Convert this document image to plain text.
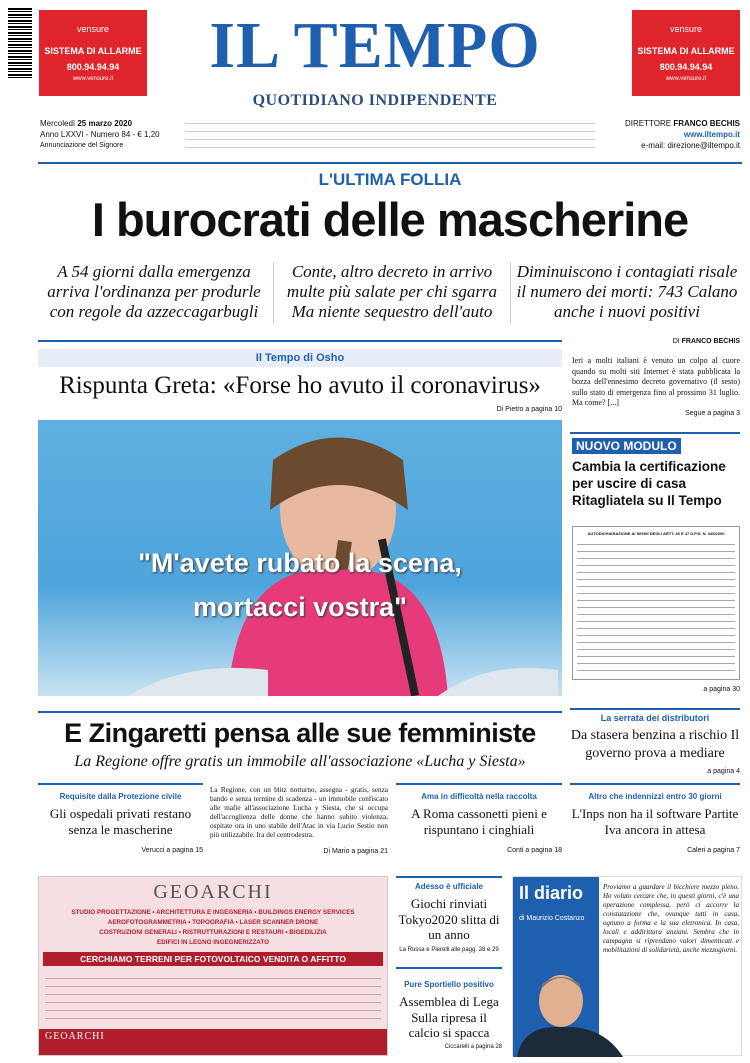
vensure
SISTEMA DI ALLARME
800.94.94.94
www.vensure.it
vensure
SISTEMA DI ALLARME
800.94.94.94
www.vensure.it
IL TEMPO
QUOTIDIANO INDIPENDENTE
Mercoledì 25 marzo 2020
Anno LXXVI - Numero 84 - € 1,20
Annunciazione del Signore
DIRETTORE FRANCO BECHIS
www.iltempo.it
e-mail: direzione@iltempo.it
L'ULTIMA FOLLIA
I burocrati delle mascherine
A 54 giorni dalla emergenza arriva l'ordinanza per produrle con regole da azzeccagarbugli
Conte, altro decreto in arrivo multe più salate per chi sgarra Ma niente sequestro dell'auto
Diminuiscono i contagiati risale il numero dei morti: 743 Calano anche i nuovi positivi
Il Tempo di Osho
Rispunta Greta: «Forse ho avuto il coronavirus»
Di Pietro a pagina 10
"M'avete rubato la scena,
mortacci vostra"
DI FRANCO BECHIS
Ieri a molti italiani è venuto un colpo al cuore quando su molti siti Internet è stata pubblicata la bozza dell'ennesimo decreto governativo (il sesto) sullo stato di emergenza fino al prossimo 31 luglio. Ma come? [...]
Segue a pagina 3
NUOVO MODULO
Cambia la certificazione per uscire di casa Ritagliatela su Il Tempo
AUTODICHIARAZIONE AI SENSI DEGLI ARTT. 46 E 47 D.P.R. N. 445/2000
a pagina 30
E Zingaretti pensa alle sue femministe
La Regione offre gratis un immobile all'associazione «Lucha y Siesta»
La serrata dei distributori
Da stasera benzina a rischio Il governo prova a mediare
a pagina 4
Requisite dalla Protezione civile
Gli ospedali privati restano senza le mascherine
Verucci a pagina 15
La Regione, con un blitz notturno, assegna - gratis, senza bando e senza termine di scadenza - un immobile confiscato alle mafie all'associazione Lucha y Siesta, che si occupa dell'accoglienza delle donne che hanno subito violenza, ospitate ora in uno stabile dell'Atac in via Lucio Sestio non più utilizzabile. Ira del centrodestra.
Di Mario a pagina 21
Ama in difficoltà nella raccolta
A Roma cassonetti pieni e rispuntano i cinghiali
Conti a pagina 18
Altro che indennizzi entro 30 giorni
L'Inps non ha il software Partite Iva ancora in attesa
Caleri a pagina 7
GEOARCHI
STUDIO PROGETTAZIONE • ARCHITETTURA E INGEGNERIA • BUILDINGS ENERGY SERVICES
AEROFOTOGRAMMETRIA • TOPOGRAFIA • LASER SCANNER DRONE
COSTRUZIONI GENERALI • RISTRUTTURAZIONI E RESTAURI • BIOEDILIZIA
EDIFICI IN LEGNO INGEGNERIZZATO
CERCHIAMO TERRENI PER FOTOVOLTAICO VENDITA O AFFITTO
GEOARCHI
Adesso è ufficiale
Giochi rinviati Tokyo2020 slitta di un anno
La Russa e Pierelli alle pagg. 28 e 29
Pure Sportiello positivo
Assemblea di Lega Sulla ripresa il calcio si spacca
Ciccarelli a pagina 28
Il diario
di Maurizio Costanzo
Proviamo a guardare il bicchiere mezzo pieno. Ho voluto cercare che, in questi giorni, c'è una operazione complessa, però ci accorre la constatazione che, ovunque tutti in casa, ognuno a forma e la sua eletronica. In casa, locali e addirittura anziani. Sembra che in campagna si riprendano valori dimenticati e mobilitazioni di solidarietà, anche mezzogiorni.
